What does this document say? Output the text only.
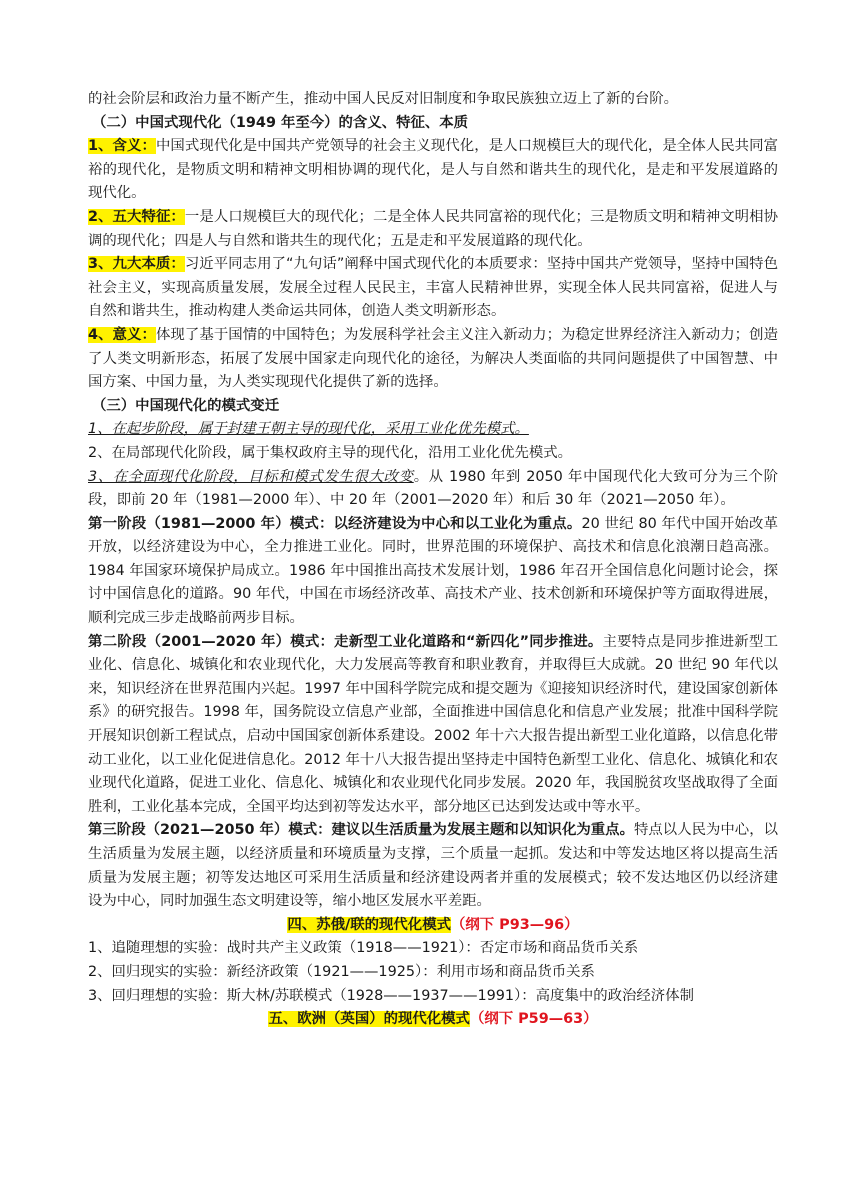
的社会阶层和政治力量不断产生，推动中国人民反对旧制度和争取民族独立迈上了新的台阶。

（二）中国式现代化（1949 年至今）的含义、特征、本质

1、含义：中国式现代化是中国共产党领导的社会主义现代化，是人口规模巨大的现代化，是全体人民共同富裕的现代化，是物质文明和精神文明相协调的现代化，是人与自然和谐共生的现代化，是走和平发展道路的现代化。

2、五大特征：一是人口规模巨大的现代化；二是全体人民共同富裕的现代化；三是物质文明和精神文明相协调的现代化；四是人与自然和谐共生的现代化；五是走和平发展道路的现代化。

3、九大本质：习近平同志用了“九句话”阐释中国式现代化的本质要求：坚持中国共产党领导，坚持中国特色社会主义，实现高质量发展，发展全过程人民民主，丰富人民精神世界，实现全体人民共同富裕，促进人与自然和谐共生，推动构建人类命运共同体，创造人类文明新形态。

4、意义：体现了基于国情的中国特色；为发展科学社会主义注入新动力；为稳定世界经济注入新动力；创造了人类文明新形态，拓展了发展中国家走向现代化的途径，为解决人类面临的共同问题提供了中国智慧、中国方案、中国力量，为人类实现现代化提供了新的选择。

（三）中国现代化的模式变迁

1、在起步阶段，属于封建王朝主导的现代化，采用工业化优先模式。

2、在局部现代化阶段，属于集权政府主导的现代化，沿用工业化优先模式。

3、在全面现代化阶段，目标和模式发生很大改变。从 1980 年到 2050 年中国现代化大致可分为三个阶段，即前 20 年（1981—2000 年）、中 20 年（2001—2020 年）和后 30 年（2021—2050 年）。

第一阶段（1981—2000 年）模式：以经济建设为中心和以工业化为重点。20 世纪 80 年代中国开始改革开放，以经济建设为中心，全力推进工业化。同时，世界范围的环境保护、高技术和信息化浪潮日趋高涨。1984 年国家环境保护局成立。1986 年中国推出高技术发展计划，1986 年召开全国信息化问题讨论会，探讨中国信息化的道路。90 年代，中国在市场经济改革、高技术产业、技术创新和环境保护等方面取得进展，顺利完成三步走战略前两步目标。

第二阶段（2001—2020 年）模式：走新型工业化道路和“新四化”同步推进。主要特点是同步推进新型工业化、信息化、城镇化和农业现代化，大力发展高等教育和职业教育，并取得巨大成就。20 世纪 90 年代以来，知识经济在世界范围内兴起。1997 年中国科学院完成和提交题为《迎接知识经济时代，建设国家创新体系》的研究报告。1998 年，国务院设立信息产业部，全面推进中国信息化和信息产业发展；批准中国科学院开展知识创新工程试点，启动中国国家创新体系建设。2002 年十六大报告提出新型工业化道路，以信息化带动工业化，以工业化促进信息化。2012 年十八大报告提出坚持走中国特色新型工业化、信息化、城镇化和农业现代化道路，促进工业化、信息化、城镇化和农业现代化同步发展。2020 年，我国脱贫攻坚战取得了全面胜利，工业化基本完成，全国平均达到初等发达水平，部分地区已达到发达或中等水平。

第三阶段（2021—2050 年）模式：建议以生活质量为发展主题和以知识化为重点。特点以人民为中心，以生活质量为发展主题，以经济质量和环境质量为支撑，三个质量一起抓。发达和中等发达地区将以提高生活质量为发展主题；初等发达地区可采用生活质量和经济建设两者并重的发展模式；较不发达地区仍以经济建设为中心，同时加强生态文明建设等，缩小地区发展水平差距。

四、苏俄/联的现代化模式（纲下 P93—96）

1、追随理想的实验：战时共产主义政策（1918——1921）：否定市场和商品货币关系

2、回归现实的实验：新经济政策（1921——1925）：利用市场和商品货币关系

3、回归理想的实验：斯大林/苏联模式（1928——1937——1991）：高度集中的政治经济体制

五、欧洲（英国）的现代化模式（纲下 P59—63）
